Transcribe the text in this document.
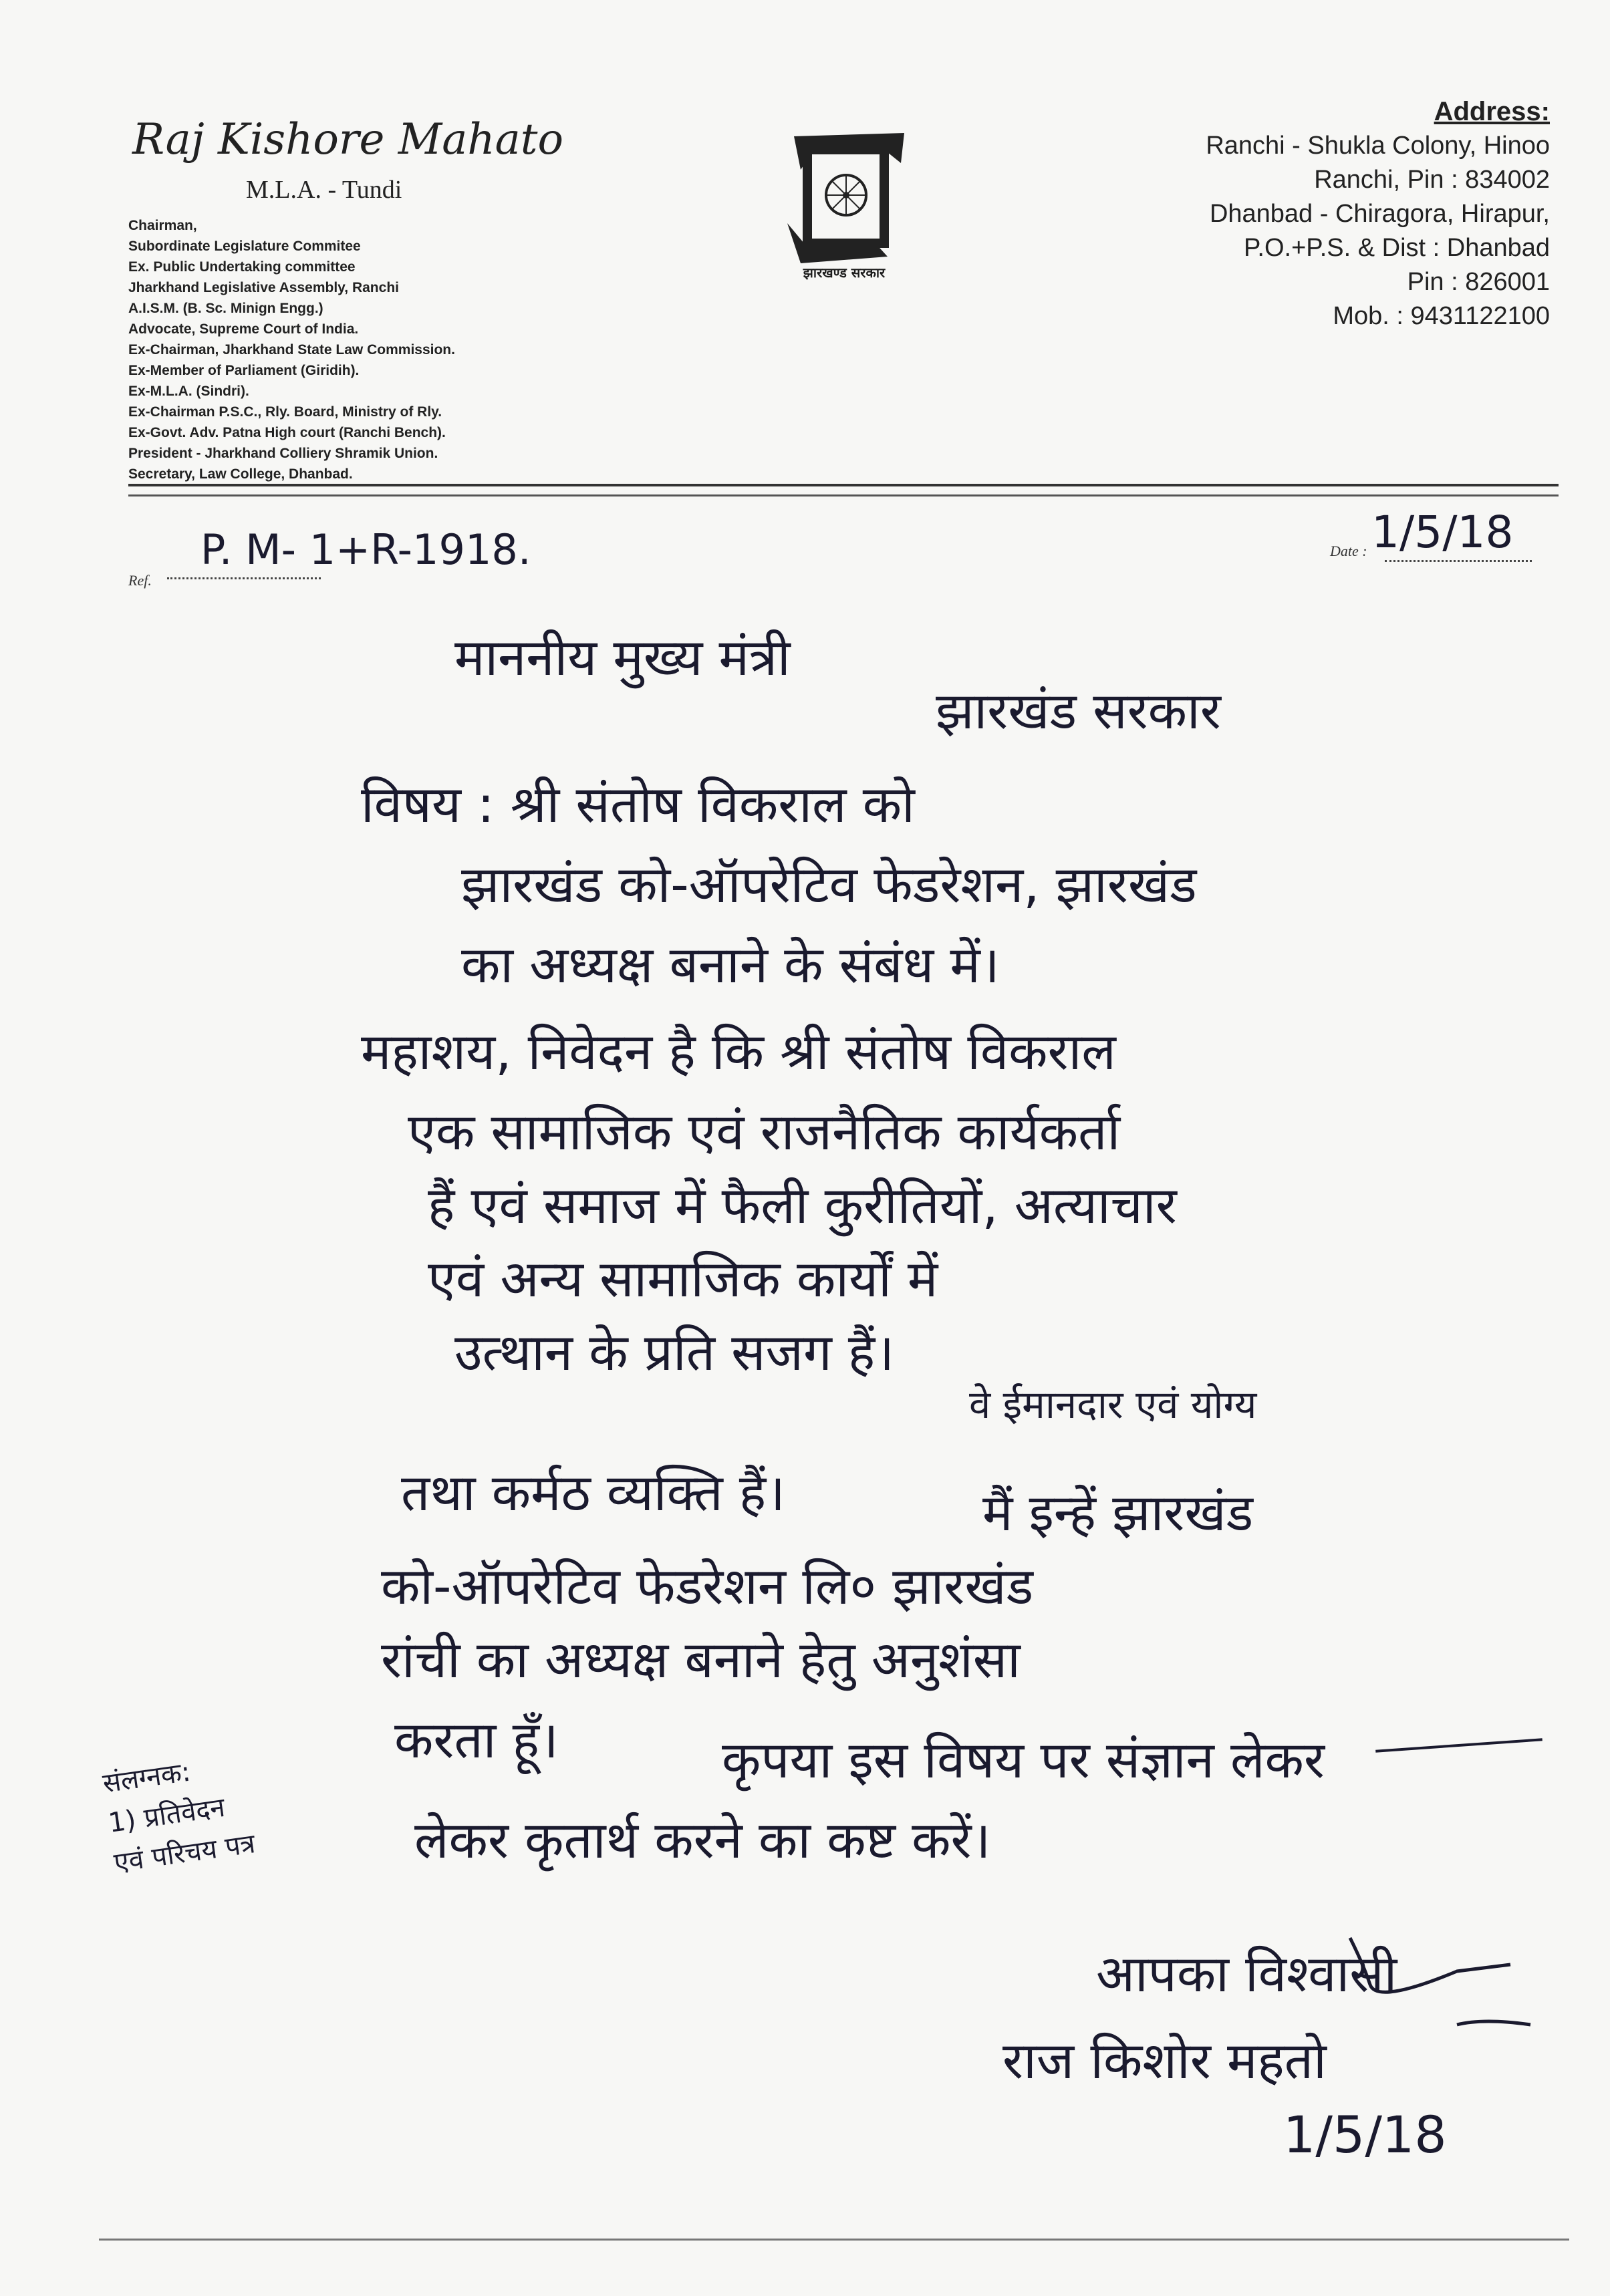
Raj Kishore Mahato
M.L.A. - Tundi
Chairman,
Subordinate Legislature Commitee
Ex. Public Undertaking committee
Jharkhand Legislative Assembly, Ranchi
A.I.S.M. (B. Sc. Minign Engg.)
Advocate, Supreme Court of India.
Ex-Chairman, Jharkhand State Law Commission.
Ex-Member of Parliament (Giridih).
Ex-M.L.A. (Sindri).
Ex-Chairman P.S.C., Rly. Board, Ministry of Rly.
Ex-Govt. Adv. Patna High court (Ranchi Bench).
President - Jharkhand Colliery Shramik Union.
Secretary, Law College, Dhanbad.
झारखण्ड सरकार
Address:
Ranchi - Shukla Colony, Hinoo
Ranchi, Pin : 834002
Dhanbad - Chiragora, Hirapur,
P.O.+P.S. & Dist : Dhanbad
Pin : 826001
Mob. : 9431122100
Ref.
P. M- 1+R-1918.	Date : 1/5/18
माननीय मुख्य मंत्री
झारखंड सरकार
विषय : श्री संतोष विकराल को
झारखंड को-ऑपरेटिव फेडरेशन, झारखंड
का अध्यक्ष बनाने के संबंध में।
महाशय, निवेदन है कि श्री संतोष विकराल
एक सामाजिक एवं राजनैतिक कार्यकर्ता
हैं एवं समाज में फैली कुरीतियों, अत्याचार
एवं अन्य सामाजिक कार्यों में
उत्थान के प्रति सजग हैं।
वे ईमानदार एवं योग्य
तथा कर्मठ व्यक्ति हैं।	मैं इन्हें झारखंड
को-ऑपरेटिव फेडरेशन लि० झारखंड
रांची का अध्यक्ष बनाने हेतु अनुशंसा
करता हूँ।	कृपया इस विषय पर संज्ञान लेकर
लेकर कृतार्थ करने का कष्ट करें।
संलग्नक:
1) प्रतिवेदन
एवं परिचय पत्र
आपका विश्वासी
राज किशोर महतो
1/5/18
